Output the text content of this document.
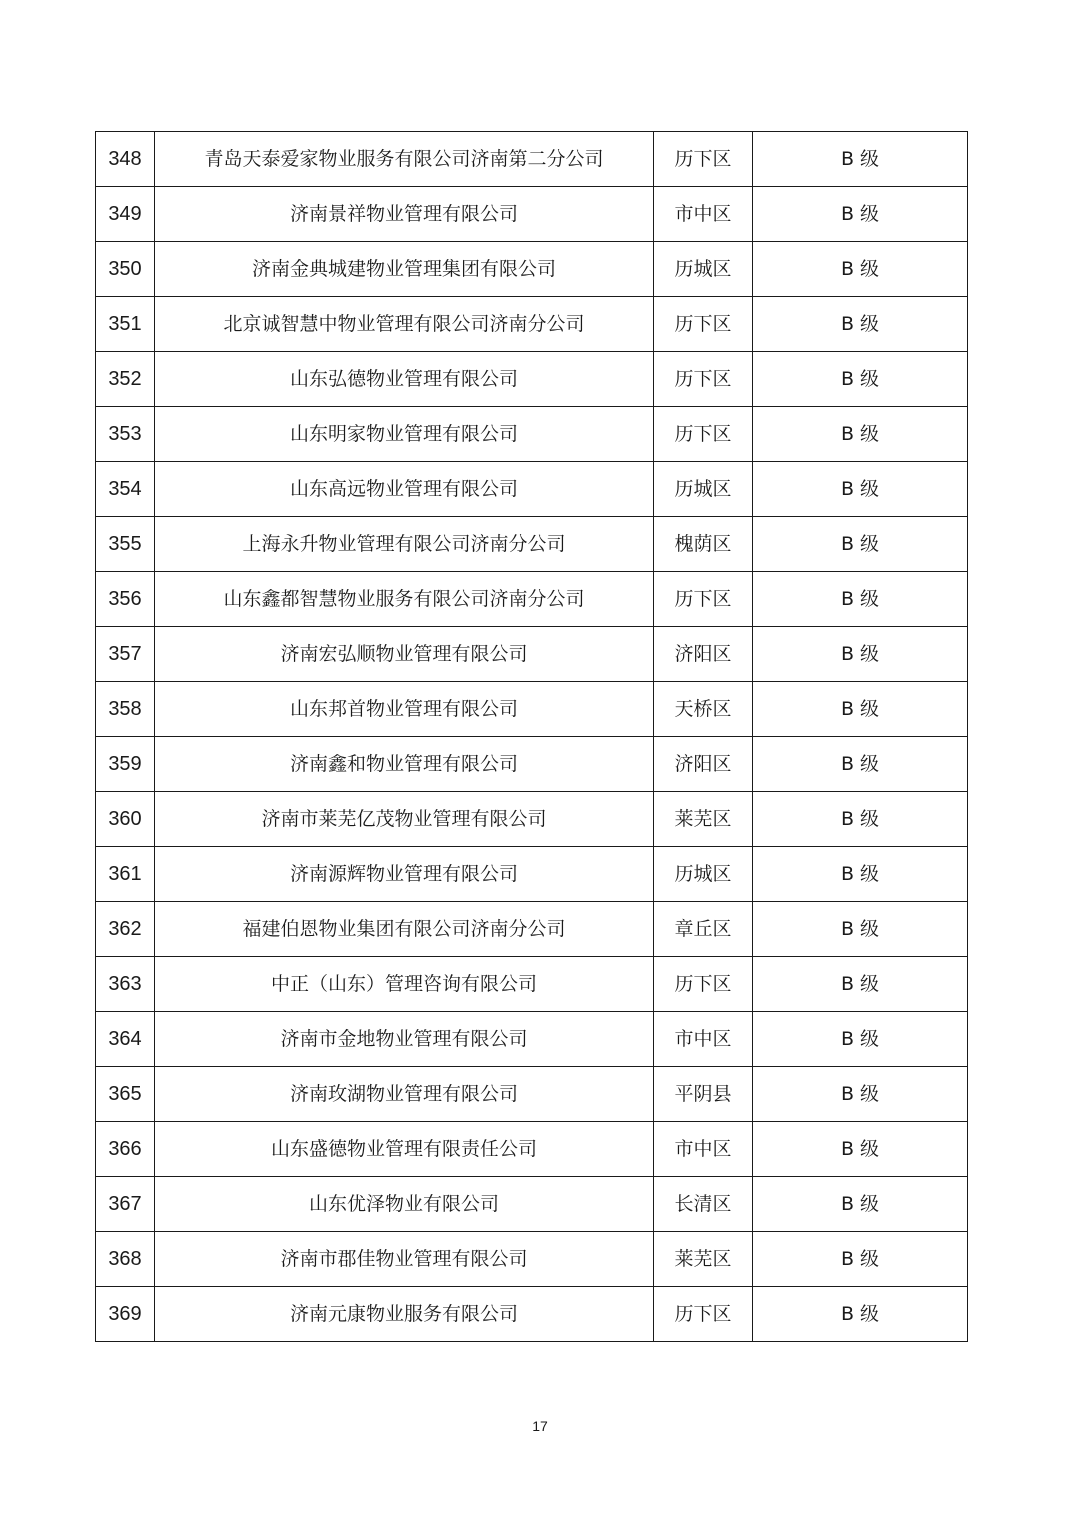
348	青岛天泰爱家物业服务有限公司济南第二分公司	历下区	B 级
349	济南景祥物业管理有限公司	市中区	B 级
350	济南金典城建物业管理集团有限公司	历城区	B 级
351	北京诚智慧中物业管理有限公司济南分公司	历下区	B 级
352	山东弘德物业管理有限公司	历下区	B 级
353	山东明家物业管理有限公司	历下区	B 级
354	山东高远物业管理有限公司	历城区	B 级
355	上海永升物业管理有限公司济南分公司	槐荫区	B 级
356	山东鑫都智慧物业服务有限公司济南分公司	历下区	B 级
357	济南宏弘顺物业管理有限公司	济阳区	B 级
358	山东邦首物业管理有限公司	天桥区	B 级
359	济南鑫和物业管理有限公司	济阳区	B 级
360	济南市莱芜亿茂物业管理有限公司	莱芜区	B 级
361	济南源辉物业管理有限公司	历城区	B 级
362	福建伯恩物业集团有限公司济南分公司	章丘区	B 级
363	中正（山东）管理咨询有限公司	历下区	B 级
364	济南市金地物业管理有限公司	市中区	B 级
365	济南玫湖物业管理有限公司	平阴县	B 级
366	山东盛德物业管理有限责任公司	市中区	B 级
367	山东优泽物业有限公司	长清区	B 级
368	济南市郡佳物业管理有限公司	莱芜区	B 级
369	济南元康物业服务有限公司	历下区	B 级
17
